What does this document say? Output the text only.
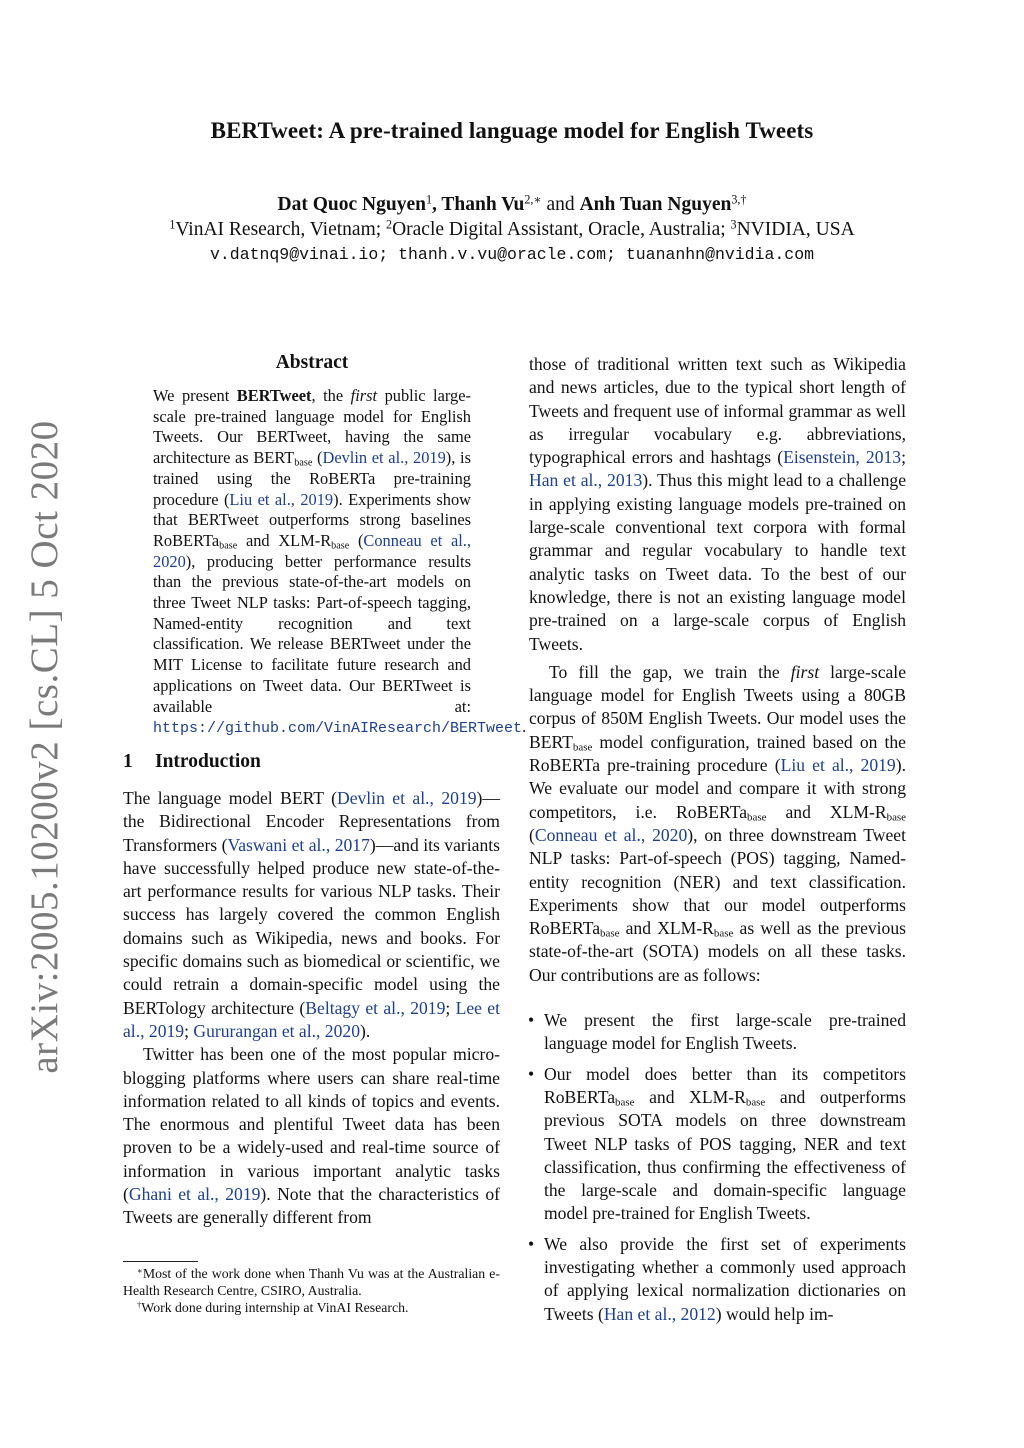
BERTweet: A pre-trained language model for English Tweets
Dat Quoc Nguyen$^1$, Thanh $Vu^{2,∗}$ and Anh Tuan Nguyen$^{3,\dagger}$
$^1$VinAI Research, Vietnam; $^2$Oracle Digital Assistant, Oracle, Australia; $^3$NVIDIA, USA
v.datnq9@vinai.io; thanh.v.vu@oracle.com; tuananhn@nvidia.com
arXiv:2005.10200v2 [cs.CL] 5 Oct 2020
Abstract
We present BERTweet, the first public large-scale pre-trained language model for English Tweets. Our BERTweet, having the same architecture as $BERT_{base}$ (Devlin et al., 2019), is trained using the RoBERTa pre-training procedure (Liu et al., 2019). Experiments show that BERTweet outperforms strong baselines RoBERTa$_{base}$ and XLM-$R_{base}$ (Conneau et al., 2020), producing better performance results than the previous state-of-the-art models on three Tweet NLP tasks: Part-of-speech tagging, Named-entity recognition and text classification. We release BERTweet under the MIT License to facilitate future research and applications on Tweet data. Our BERTweet is available at: https://github.com/VinAIResearch/BERTweet.
1 Introduction

The language model BERT (Devlin et al., 2019)—the Bidirectional Encoder Representations from Transformers (Vaswani et al., 2017)—and its variants have successfully helped produce new state-of-the-art performance results for various NLP tasks. Their success has largely covered the common English domains such as Wikipedia, news and books. For specific domains such as biomedical or scientific, we could retrain a domain-specific model using the BERTology architecture (Beltagy et al., 2019; Lee et al., 2019; Gururangan et al., 2020).

Twitter has been one of the most popular micro-blogging platforms where users can share real-time information related to all kinds of topics and events. The enormous and plentiful Tweet data has been proven to be a widely-used and real-time source of information in various important analytic tasks (Ghani et al., 2019). Note that the characteristics of Tweets are generally different from

∗Most of the work done when Thanh Vu was at the Australian e-Health Research Centre, CSIRO, Australia.

†Work done during internship at VinAI Research.

those of traditional written text such as Wikipedia and news articles, due to the typical short length of Tweets and frequent use of informal grammar as well as irregular vocabulary e.g. abbreviations, typographical errors and hashtags (Eisenstein, 2013; Han et al., 2013). Thus this might lead to a challenge in applying existing language models pre-trained on large-scale conventional text corpora with formal grammar and regular vocabulary to handle text analytic tasks on Tweet data. To the best of our knowledge, there is not an existing language model pre-trained on a large-scale corpus of English Tweets.

To fill the gap, we train the first large-scale language model for English Tweets using a 80GB corpus of 850M English Tweets. Our model uses the $BERT_{base}$ model configuration, trained based on the RoBERTa pre-training procedure (Liu et al., 2019). We evaluate our model and compare it with strong competitors, i.e. RoBERTa$_{base}$ and XLM-$R_{base}$ (Conneau et al., 2020), on three downstream Tweet NLP tasks: Part-of-speech (POS) tagging, Named-entity recognition (NER) and text classification. Experiments show that our model outperforms RoBERTa$_{base}$ and XLM-$R_{base}$ as well as the previous state-of-the-art (SOTA) models on all these tasks. Our contributions are as follows:

• We present the first large-scale pre-trained language model for English Tweets.
• Our model does better than its competitors RoBERTa$_{base}$ and XLM-$R_{base}$ and outperforms previous SOTA models on three downstream Tweet NLP tasks of POS tagging, NER and text classification, thus confirming the effectiveness of the large-scale and domain-specific language model pre-trained for English Tweets.
• We also provide the first set of experiments investigating whether a commonly used approach of applying lexical normalization dictionaries on Tweets (Han et al., 2012) would help im-
